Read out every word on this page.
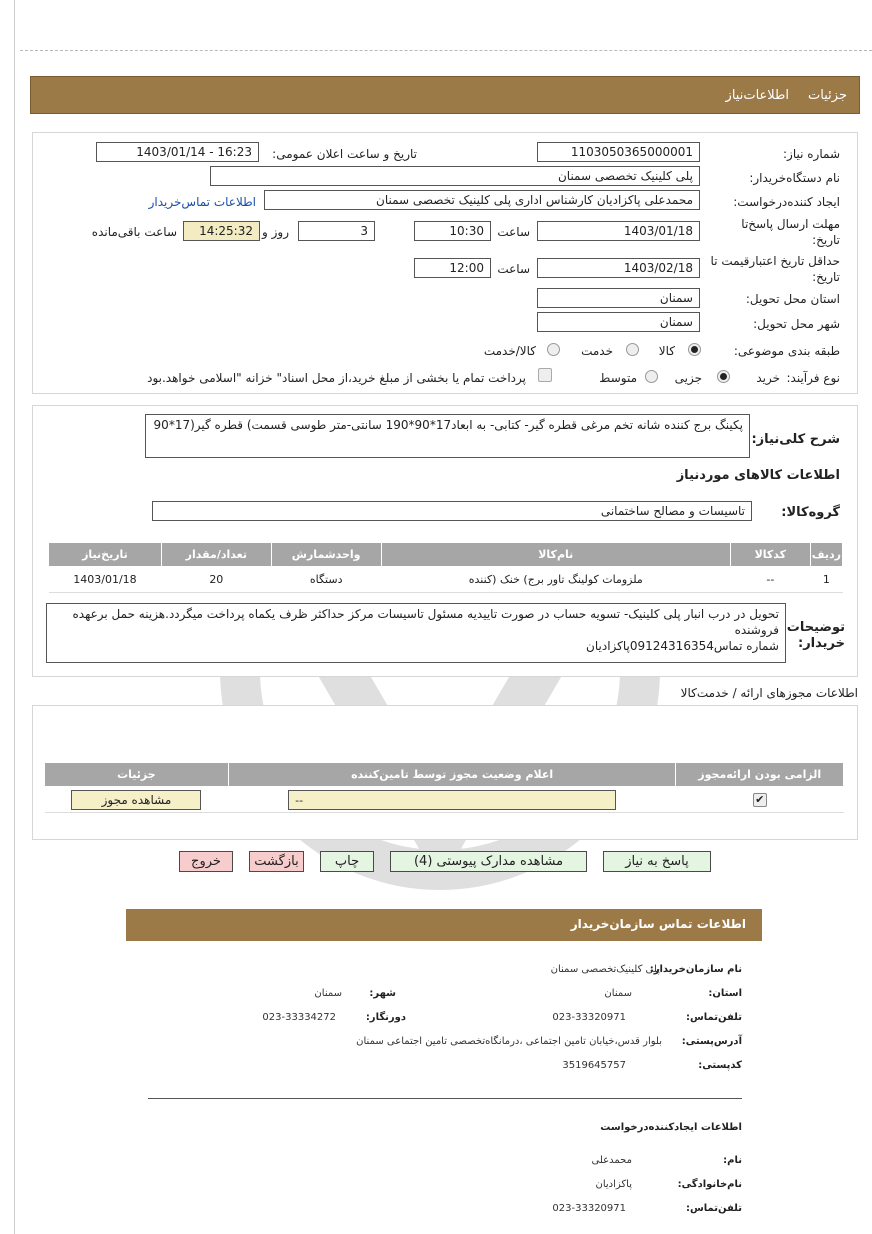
جزئیات
اطلاعات‌نیاز
شماره نیاز:
1103050365000001
تاریخ و ساعت اعلان عمومی:
1403/01/14 - 16:23
نام دستگاه‌خریدار:
پلی کلینیک تخصصی سمنان
ایجاد کننده‌درخواست:
محمدعلی پاکزادیان کارشناس اداری پلی کلینیک تخصصی سمنان
اطلاعات تماس‌خریدار
مهلت ارسال پاسخ‌تا تاریخ:
1403/01/18
ساعت
10:30
3
روز و
14:25:32
ساعت باقی‌مانده
حداقل تاریخ اعتبار‌قیمت تا تاریخ:
1403/02/18
ساعت
12:00
استان محل تحویل:
سمنان
شهر محل تحویل:
سمنان
طبقه بندی موضوعی:
کالا
خدمت
کالا/خدمت
نوع فرآیند:
خرید
جزیی
متوسط
پرداخت تمام یا بخشی از مبلغ خرید،از محل اسناد" خزانه "اسلامی خواهد.بود
شرح کلی‌نیاز:
پکینگ برج کننده شانه تخم مرغی قطره گیر- کتابی- به ابعاد17*90*190 سانتی-متر طوسی قسمت) قطره گیر(17*90
اطلاعات کالاهای موردنیاز
گروه‌کالا:
تاسیسات و مصالح ساختمانی
ردیف	کدکالا	نام‌کالا	واحدشمارش	تعداد/مقدار	تاریخ‌نیاز
1	--	ملزومات کولینگ تاور برج) خنک (کننده	دستگاه	20	1403/01/18
توضیحات خریدار:
تحویل در درب انبار پلی کلینیک- تسویه حساب در صورت تاییدیه مسئول تاسیسات مرکز حداکثر ظرف یکماه پرداخت میگردد.هزینه حمل برعهده فروشنده
شماره تماس09124316354پاکزادیان
اطلاعات مجوزهای ارائه / خدمت‌کالا
الزامی بودن ارائه‌مجوز	اعلام وضعیت مجوز توسط تامین‌کننده	جزئیات
✔	--	مشاهده مجوز
پاسخ به نیاز
مشاهده مدارک پیوستی (4)
چاپ
بازگشت
خروج
اطلاعات تماس سازمان‌خریدار
نام سازمان‌خریدار:
پلی کلینیک‌تخصصی سمنان
استان:
سمنان
شهر:
سمنان
تلفن‌تماس:
023-33320971
دورنگار:
023-33334272
آدرس‌پستی:
بلوار قدس،خیابان تامین اجتماعی ،درمانگاه‌تخصصی تامین اجتماعی سمنان
کدپستی:
3519645757
اطلاعات ایجادکننده‌درخواست
نام:
محمدعلی
نام‌خانوادگی:
پاکزادیان
تلفن‌تماس:
023-33320971
